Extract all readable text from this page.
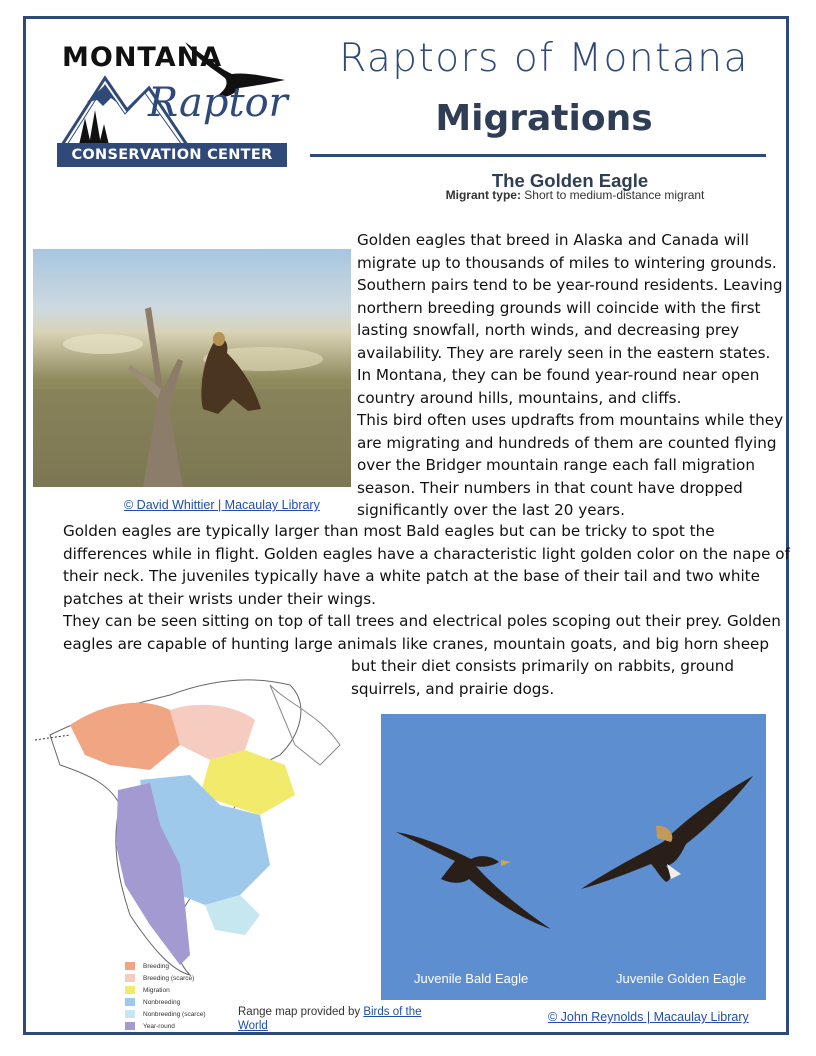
MONTANA
Raptor
CONSERVATION CENTER
Raptors of Montana
Migrations
The Golden Eagle
Migrant type: Short to medium-distance migrant
© David Whittier | Macaulay Library
Golden eagles that breed in Alaska and Canada will migrate up to thousands of miles to wintering grounds. Southern pairs tend to be year-round residents. Leaving northern breeding grounds will coincide with the first lasting snowfall, north winds, and decreasing prey availability. They are rarely seen in the eastern states. In Montana, they can be found year-round near open country around hills, mountains, and cliffs.
This bird often uses updrafts from mountains while they are migrating and hundreds of them are counted flying over the Bridger mountain range each fall migration season. Their numbers in that count have dropped significantly over the last 20 years.
Golden eagles are typically larger than most Bald eagles but can be tricky to spot the differences while in flight. Golden eagles have a characteristic light golden color on the nape of their neck. The juveniles typically have a white patch at the base of their tail and two white patches at their wrists under their wings.
They can be seen sitting on top of tall trees and electrical poles scoping out their prey. Golden eagles are capable of hunting large animals like cranes, mountain goats, and big horn sheep
but their diet consists primarily on rabbits, ground squirrels, and prairie dogs.
Breeding
Breeding (scarce)
Migration
Nonbreeding
Nonbreeding (scarce)
Year-round
Range map provided by Birds of the World
Juvenile Bald Eagle	Juvenile Golden Eagle
© John Reynolds | Macaulay Library
